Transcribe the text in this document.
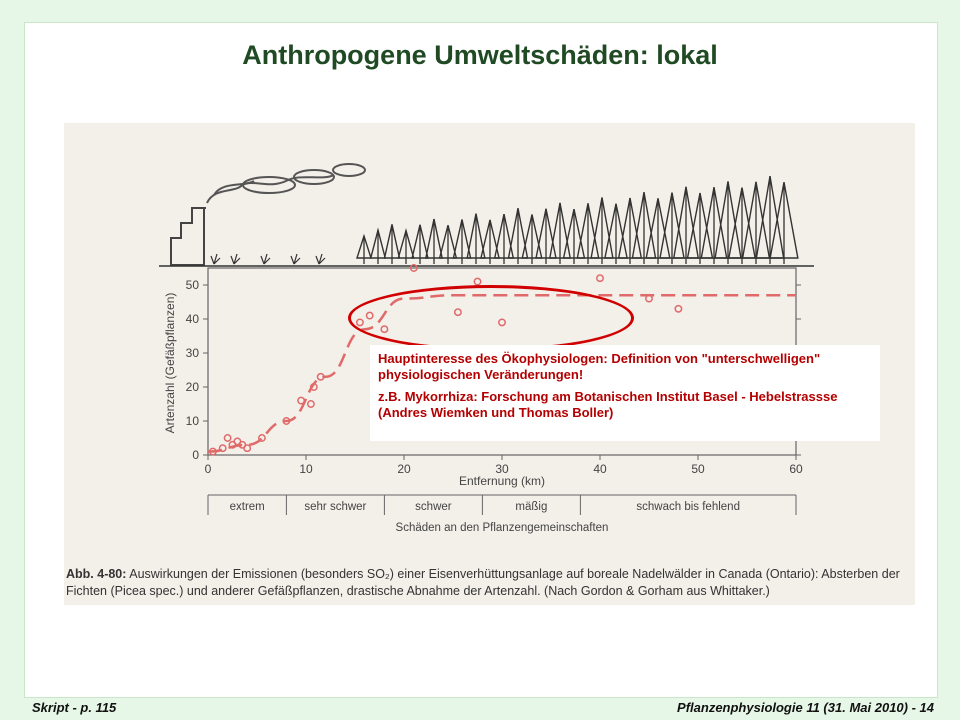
Anthropogene Umweltschäden: lokal
0	10	20	30	40	50	60
0
10
20
30
40
50
Artenzahl (Gefäßpflanzen)
Entfernung (km)
extrem	sehr schwer	schwer	mäßig	schwach bis fehlend
Schäden an den Pflanzengemeinschaften
Abb. 4-80: Auswirkungen der Emissionen (besonders SO₂) einer Eisenverhüttungsanlage auf boreale Nadelwälder in Canada (Ontario): Absterben der Fichten (Picea spec.) und anderer Gefäßpflanzen, drastische Abnahme der Artenzahl. (Nach Gordon & Gorham aus Whittaker.)

Hauptinteresse des Ökophysiologen: Definition von "unterschwelligen" physiologischen Veränderungen!

z.B. Mykorrhiza: Forschung am Botanischen Institut Basel - Hebelstrassse (Andres Wiemken und Thomas Boller)

Skript - p. 115	Pflanzenphysiologie 11 (31. Mai 2010) - 14
